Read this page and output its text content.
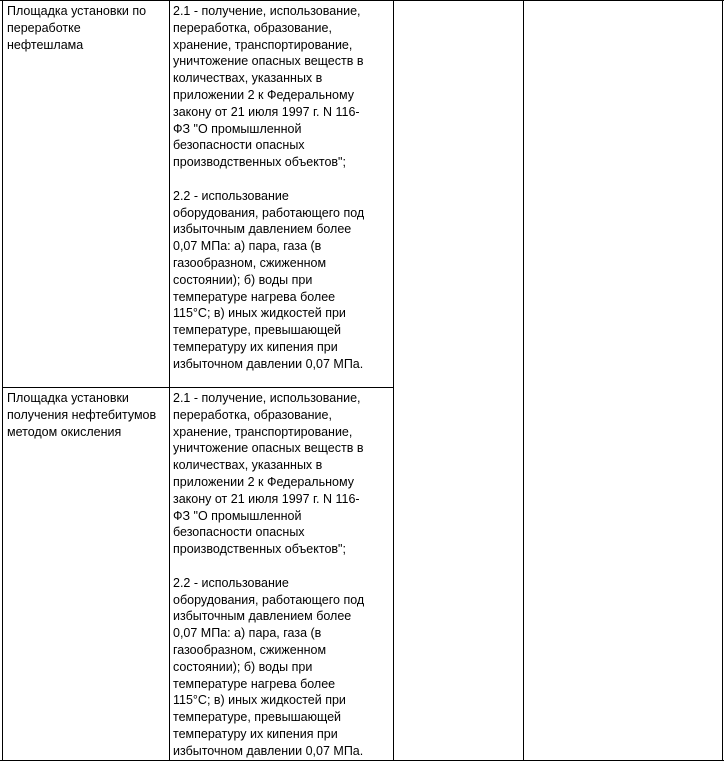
Площадка установки по
переработке
нефтешлама
2.1 - получение, использование,
переработка, образование,
хранение, транспортирование,
уничтожение опасных веществ в
количествах, указанных в
приложении 2 к Федеральному
закону от 21 июля 1997 г. N 116-
ФЗ "О промышленной
безопасности опасных
производственных объектов";
2.2 - использование
оборудования, работающего под
избыточным давлением более
0,07 МПа: а) пара, газа (в
газообразном, сжиженном
состоянии); б) воды при
температуре нагрева более
115°C; в) иных жидкостей при
температуре, превышающей
температуру их кипения при
избыточном давлении 0,07 МПа.
Площадка установки
получения нефтебитумов
методом окисления
2.1 - получение, использование,
переработка, образование,
хранение, транспортирование,
уничтожение опасных веществ в
количествах, указанных в
приложении 2 к Федеральному
закону от 21 июля 1997 г. N 116-
ФЗ "О промышленной
безопасности опасных
производственных объектов";
2.2 - использование
оборудования, работающего под
избыточным давлением более
0,07 МПа: а) пара, газа (в
газообразном, сжиженном
состоянии); б) воды при
температуре нагрева более
115°C; в) иных жидкостей при
температуре, превышающей
температуру их кипения при
избыточном давлении 0,07 МПа.
